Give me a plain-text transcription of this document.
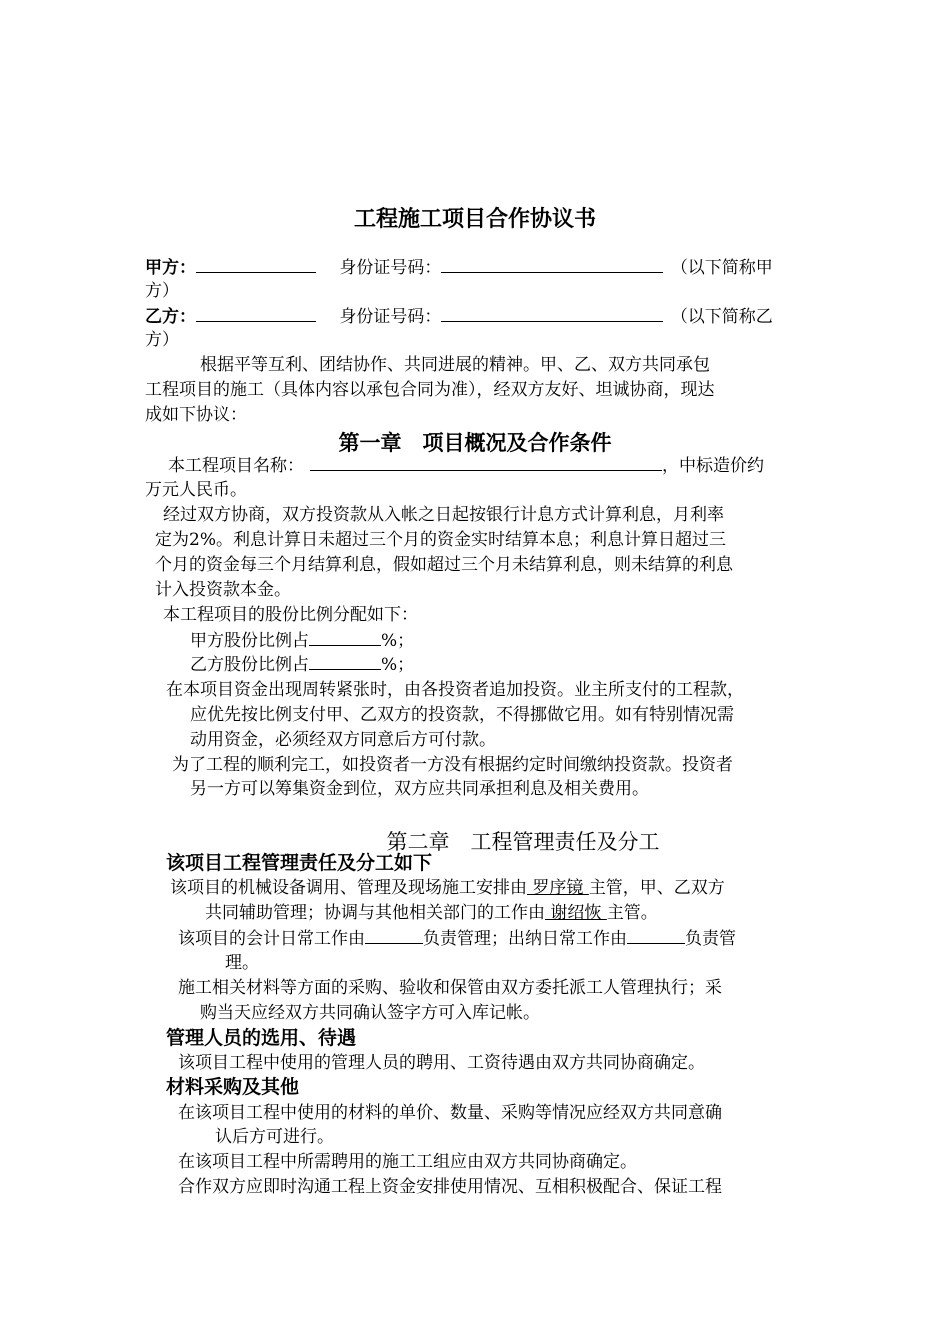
工程施工项目合作协议书
甲方：	身份证号码：	（以下简称甲
方）
乙方：	身份证号码：	（以下简称乙
方）
根据平等互利、团结协作、共同进展的精神。甲、乙、双方共同承包
工程项目的施工（具体内容以承包合同为准），经双方友好、坦诚协商，现达
成如下协议：
第一章　项目概况及合作条件
本工程项目名称：	，中标造价约
万元人民币。
经过双方协商，双方投资款从入帐之日起按银行计息方式计算利息，月利率
定为2%。利息计算日未超过三个月的资金实时结算本息；利息计算日超过三
个月的资金每三个月结算利息，假如超过三个月未结算利息，则未结算的利息
计入投资款本金。
本工程项目的股份比例分配如下：
甲方股份比例占	%；
乙方股份比例占	%；
在本项目资金出现周转紧张时，由各投资者追加投资。业主所支付的工程款，
应优先按比例支付甲、乙双方的投资款，不得挪做它用。如有特别情况需
动用资金，必须经双方同意后方可付款。
为了工程的顺利完工，如投资者一方没有根据约定时间缴纳投资款。投资者
另一方可以筹集资金到位，双方应共同承担利息及相关费用。
第二章　工程管理责任及分工
该项目工程管理责任及分工如下
该项目的机械设备调用、管理及现场施工安排由 罗序镜 主管，甲、乙双方
共同辅助管理；协调与其他相关部门的工作由 谢绍恢 主管。
该项目的会计日常工作由	负责管理；出纳日常工作由	负责管
理。
施工相关材料等方面的采购、验收和保管由双方委托派工人管理执行；采
购当天应经双方共同确认签字方可入库记帐。
管理人员的选用、待遇
该项目工程中使用的管理人员的聘用、工资待遇由双方共同协商确定。
材料采购及其他
在该项目工程中使用的材料的单价、数量、采购等情况应经双方共同意确
认后方可进行。
在该项目工程中所需聘用的施工工组应由双方共同协商确定。
合作双方应即时沟通工程上资金安排使用情况、互相积极配合、保证工程
